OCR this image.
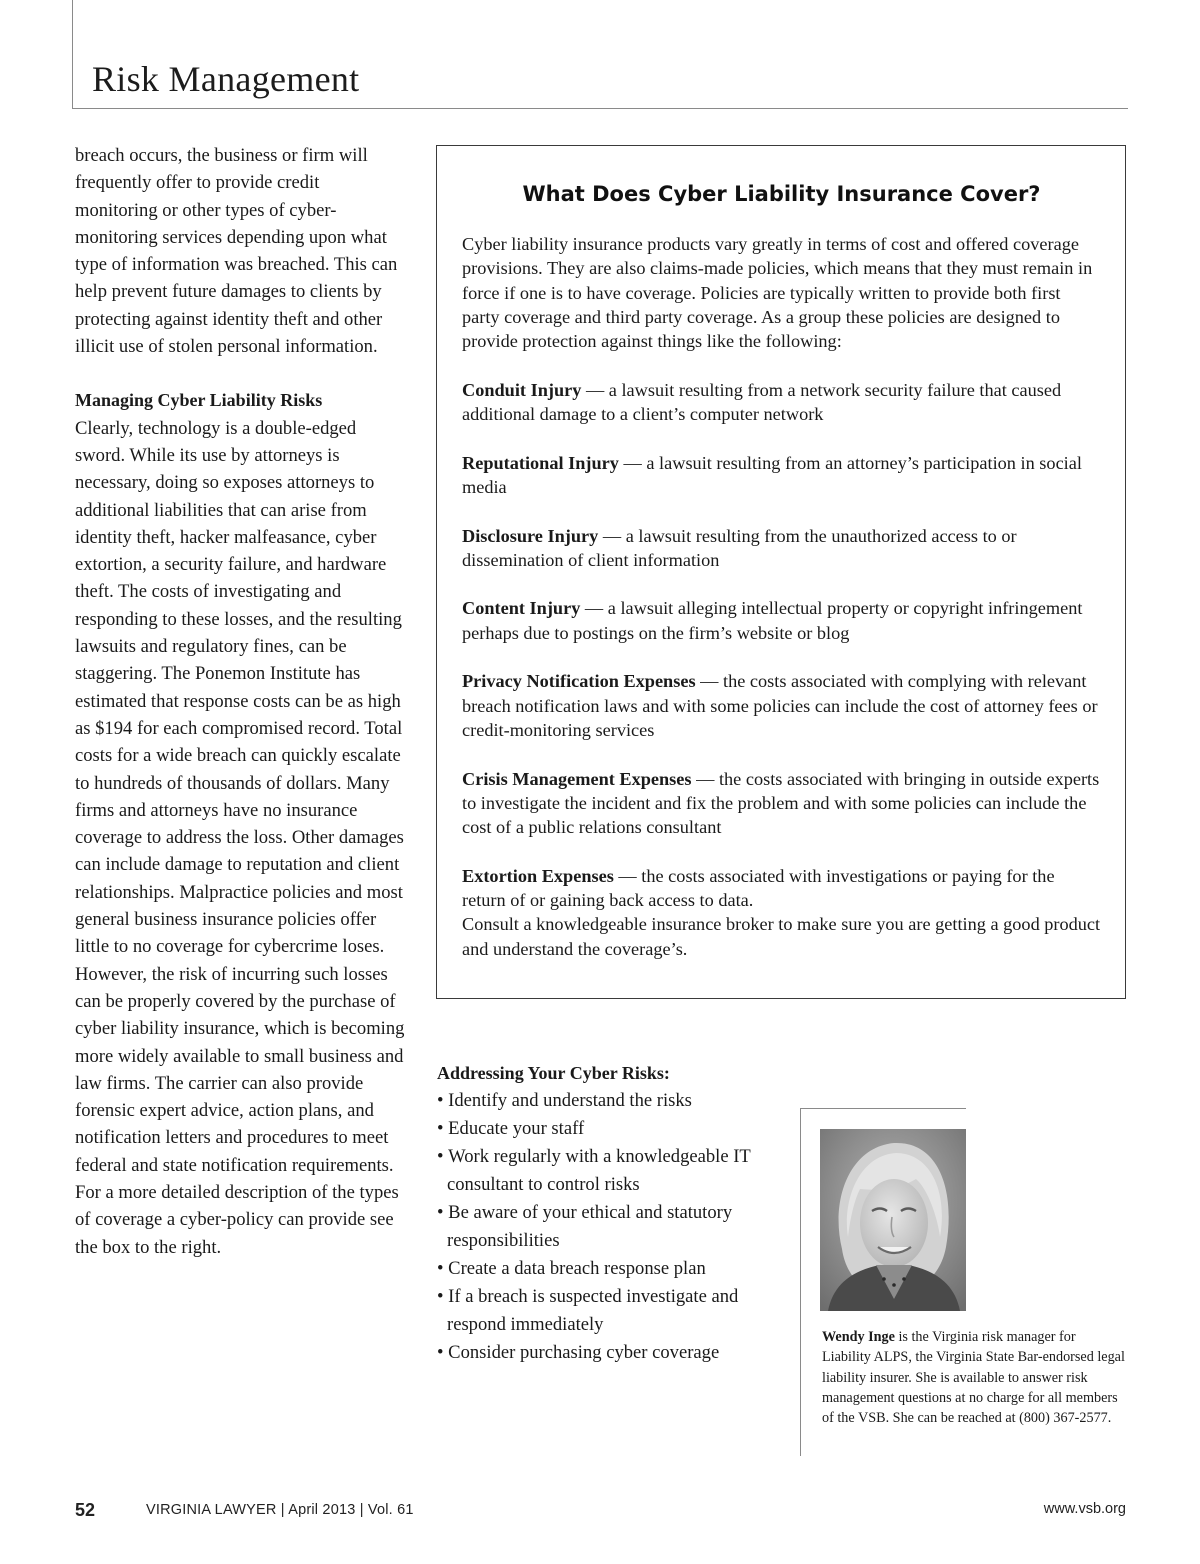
Risk Management

breach occurs, the business or firm will frequently offer to provide credit monitoring or other types of cyber-monitoring services depending upon what type of information was breached. This can help prevent future damages to clients by protecting against identity theft and other illicit use of stolen personal information.

Managing Cyber Liability Risks

Clearly, technology is a double-edged sword. While its use by attorneys is necessary, doing so exposes attorneys to additional liabilities that can arise from identity theft, hacker malfeasance, cyber extortion, a security failure, and hardware theft. The costs of investigating and responding to these losses, and the resulting lawsuits and regulatory fines, can be staggering. The Ponemon Institute has estimated that response costs can be as high as $194 for each compromised record. Total costs for a wide breach can quickly escalate to hundreds of thousands of dollars. Many firms and attorneys have no insurance coverage to address the loss. Other damages can include damage to reputation and client relationships. Malpractice policies and most general business insurance policies offer little to no coverage for cybercrime loses. However, the risk of incurring such losses can be properly covered by the purchase of cyber liability insurance, which is becoming more widely available to small business and law firms. The carrier can also provide forensic expert advice, action plans, and notification letters and procedures to meet federal and state notification requirements. For a more detailed description of the types of coverage a cyber-policy can provide see the box to the right.

What Does Cyber Liability Insurance Cover?

Cyber liability insurance products vary greatly in terms of cost and offered coverage provisions. They are also claims-made policies, which means that they must remain in force if one is to have coverage. Policies are typically written to provide both first party coverage and third party coverage. As a group these policies are designed to provide protection against things like the following:

Conduit Injury — a lawsuit resulting from a network security failure that caused additional damage to a client’s computer network

Reputational Injury — a lawsuit resulting from an attorney’s participation in social media

Disclosure Injury — a lawsuit resulting from the unauthorized access to or dissemination of client information

Content Injury — a lawsuit alleging intellectual property or copyright infringement perhaps due to postings on the firm’s website or blog

Privacy Notification Expenses — the costs associated with complying with relevant breach notification laws and with some policies can include the cost of attorney fees or credit-monitoring services

Crisis Management Expenses — the costs associated with bringing in outside experts to investigate the incident and fix the problem and with some policies can include the cost of a public relations consultant

Extortion Expenses — the costs associated with investigations or paying for the return of or gaining back access to data.

Consult a knowledgeable insurance broker to make sure you are getting a good product and understand the coverage’s.

Addressing Your Cyber Risks:
• Identify and understand the risks
• Educate your staff
• Work regularly with a knowledgeable IT consultant to control risks
• Be aware of your ethical and statutory responsibilities
• Create a data breach response plan
• If a breach is suspected investigate and respond immediately
• Consider purchasing cyber coverage

Wendy Inge is the Virginia risk manager for Liability ALPS, the Virginia State Bar-endorsed legal liability insurer. She is available to answer risk management questions at no charge for all members of the VSB. She can be reached at (800) 367-2577.

52	VIRGINIA LAWYER | April 2013 | Vol. 61	www.vsb.org
